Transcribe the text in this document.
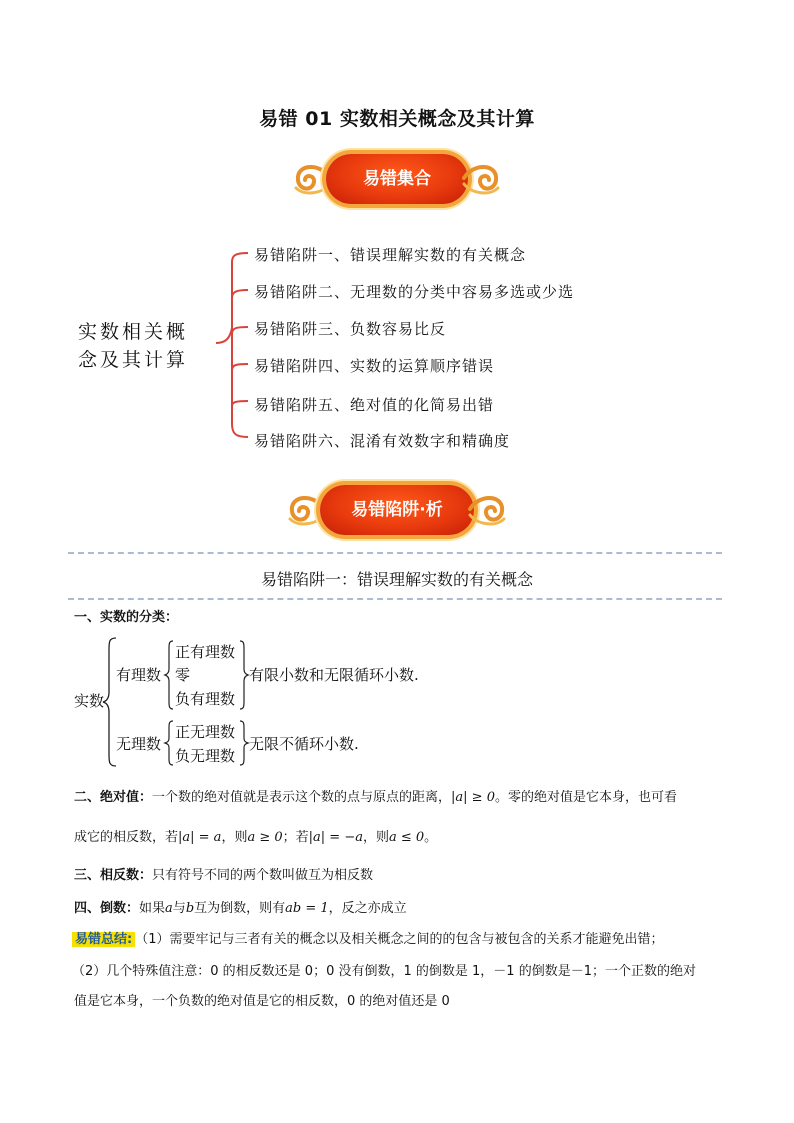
易错 01 实数相关概念及其计算
易错集合
实数相关概
念及其计算
易错陷阱一、错误理解实数的有关概念
易错陷阱二、无理数的分类中容易多选或少选
易错陷阱三、负数容易比反
易错陷阱四、实数的运算顺序错误
易错陷阱五、绝对值的化简易出错
易错陷阱六、混淆有效数字和精确度
易错陷阱·析
易错陷阱一：错误理解实数的有关概念
一、实数的分类：
实数
有理数
正有理数
零
负有理数
有限小数和无限循环小数.
无理数
正无理数
负无理数
无限不循环小数.
二、绝对值：一个数的绝对值就是表示这个数的点与原点的距离，|a| ≥ 0。零的绝对值是它本身，也可看
成它的相反数，若|a| = a，则a ≥ 0；若|a| = −a，则a ≤ 0。
三、相反数：只有符号不同的两个数叫做互为相反数
四、倒数：如果a与b互为倒数，则有ab = 1，反之亦成立
易错总结: （1）需要牢记与三者有关的概念以及相关概念之间的的包含与被包含的关系才能避免出错；
（2）几个特殊值注意：0 的相反数还是 0；0 没有倒数，1 的倒数是 1，－1 的倒数是－1；一个正数的绝对
值是它本身，一个负数的绝对值是它的相反数，0 的绝对值还是 0
